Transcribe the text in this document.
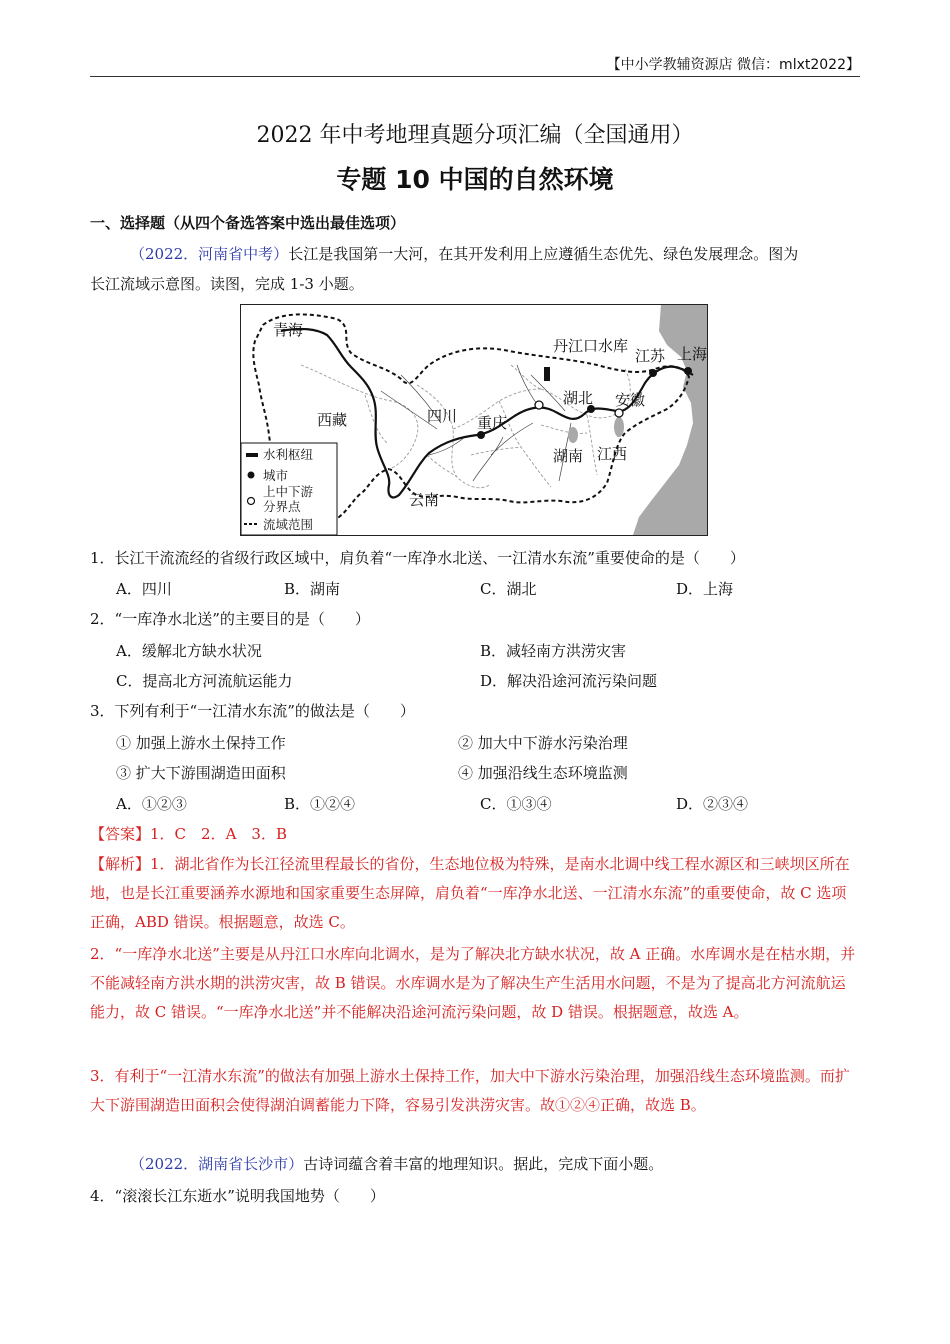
【中小学教辅资源店 微信：mlxt2022】
2022 年中考地理真题分项汇编（全国通用）
专题 10 中国的自然环境
一、选择题（从四个备选答案中选出最佳选项）
（2022．河南省中考）长江是我国第一大河，在其开发利用上应遵循生态优先、绿色发展理念。图为
长江流域示意图。读图，完成 1-3 小题。
青海
西藏	四川 重庆
云南
湖北
湖南 江西
安徽
江苏 上海
丹江口水库
水利枢纽
城市
上中下游
分界点
流域范围
1．长江干流流经的省级行政区域中，肩负着“一库净水北送、一江清水东流”重要使命的是（　　）
A．四川	B．湖南	C．湖北	D．上海
2．“一库净水北送”的主要目的是（　　）
A．缓解北方缺水状况	B．减轻南方洪涝灾害
C．提高北方河流航运能力	D．解决沿途河流污染问题
3．下列有利于“一江清水东流”的做法是（　　）
① 加强上游水土保持工作	② 加大中下游水污染治理
③ 扩大下游围湖造田面积	④ 加强沿线生态环境监测
A．①②③	B．①②④	C．①③④	D．②③④
【答案】1．C　2．A　3．B
【解析】1．湖北省作为长江径流里程最长的省份，生态地位极为特殊，是南水北调中线工程水源区和三峡坝区所在地，也是长江重要涵养水源地和国家重要生态屏障，肩负着“一库净水北送、一江清水东流”的重要使命，故 C 选项正确，ABD 错误。根据题意，故选 C。
2．“一库净水北送”主要是从丹江口水库向北调水，是为了解决北方缺水状况，故 A 正确。水库调水是在枯水期，并不能减轻南方洪水期的洪涝灾害，故 B 错误。水库调水是为了解决生产生活用水问题，不是为了提高北方河流航运能力，故 C 错误。“一库净水北送”并不能解决沿途河流污染问题，故 D 错误。根据题意，故选 A。
3．有利于“一江清水东流”的做法有加强上游水土保持工作，加大中下游水污染治理，加强沿线生态环境监测。而扩大下游围湖造田面积会使得湖泊调蓄能力下降，容易引发洪涝灾害。故①②④正确，故选 B。
（2022．湖南省长沙市）古诗词蕴含着丰富的地理知识。据此，完成下面小题。
4．“滚滚长江东逝水”说明我国地势（　　）
